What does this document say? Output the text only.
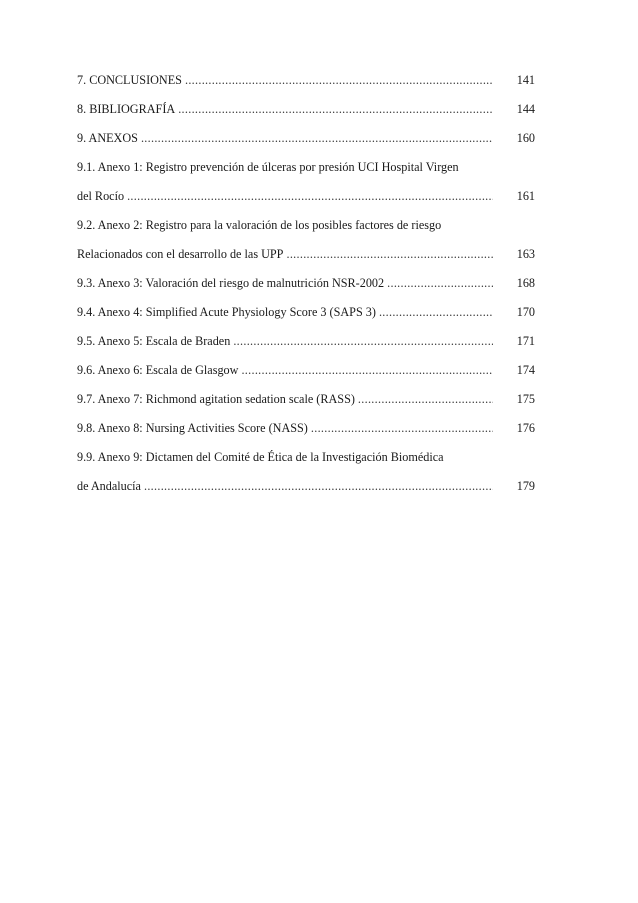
7. CONCLUSIONES .....	141
8. BIBLIOGRAFÍA .....	144
9. ANEXOS .....	160
9.1. Anexo 1: Registro prevención de úlceras por presión UCI Hospital Virgen
del Rocío .....	161
9.2. Anexo 2: Registro para la valoración de los posibles factores de riesgo
Relacionados con el desarrollo de las UPP .....	163
9.3. Anexo 3: Valoración del riesgo de malnutrición NSR-2002 .....	168
9.4. Anexo 4: Simplified Acute Physiology Score 3 (SAPS 3) .....	170
9.5. Anexo 5: Escala de Braden .....	171
9.6. Anexo 6: Escala de Glasgow .....	174
9.7. Anexo 7: Richmond agitation sedation scale (RASS) .....	175
9.8. Anexo 8: Nursing Activities Score (NASS) .....	176
9.9. Anexo 9: Dictamen del Comité de Ética de la Investigación Biomédica
de Andalucía .....	179
